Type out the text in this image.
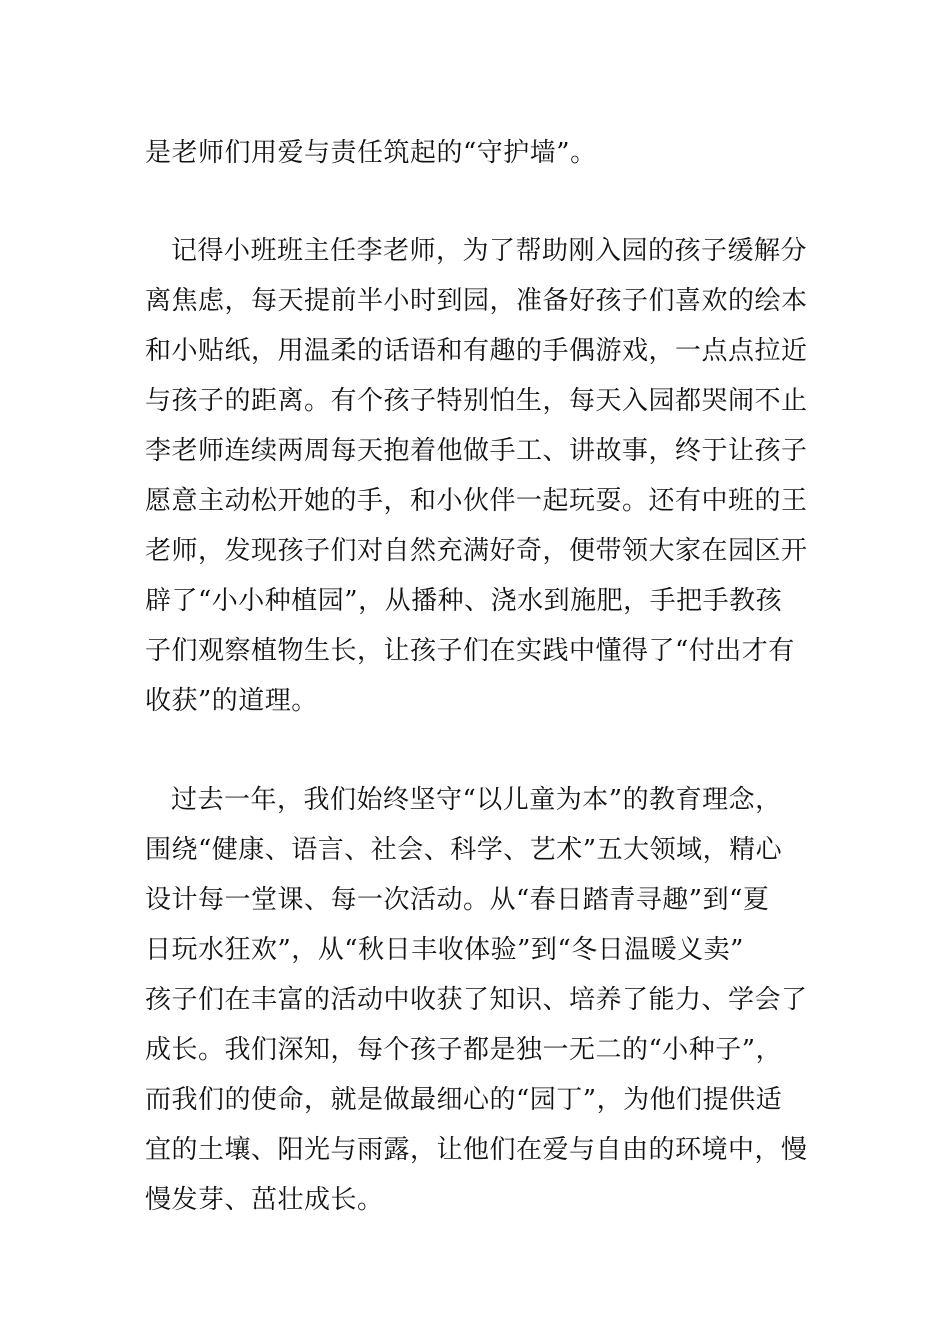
是老师们用爱与责任筑起的“守护墙”。
记得小班班主任李老师，为了帮助刚入园的孩子缓解分
离焦虑，每天提前半小时到园，准备好孩子们喜欢的绘本
和小贴纸，用温柔的话语和有趣的手偶游戏，一点点拉近
与孩子的距离。有个孩子特别怕生，每天入园都哭闹不止
李老师连续两周每天抱着他做手工、讲故事，终于让孩子
愿意主动松开她的手，和小伙伴一起玩耍。还有中班的王
老师，发现孩子们对自然充满好奇，便带领大家在园区开
辟了“小小种植园”，从播种、浇水到施肥，手把手教孩
子们观察植物生长，让孩子们在实践中懂得了“付出才有
收获”的道理。
过去一年，我们始终坚守“以儿童为本”的教育理念，
围绕“健康、语言、社会、科学、艺术”五大领域，精心
设计每一堂课、每一次活动。从“春日踏青寻趣”到“夏
日玩水狂欢”，从“秋日丰收体验”到“冬日温暖义卖”
孩子们在丰富的活动中收获了知识、培养了能力、学会了
成长。我们深知，每个孩子都是独一无二的“小种子”，
而我们的使命，就是做最细心的“园丁”，为他们提供适
宜的土壤、阳光与雨露，让他们在爱与自由的环境中，慢
慢发芽、茁壮成长。
